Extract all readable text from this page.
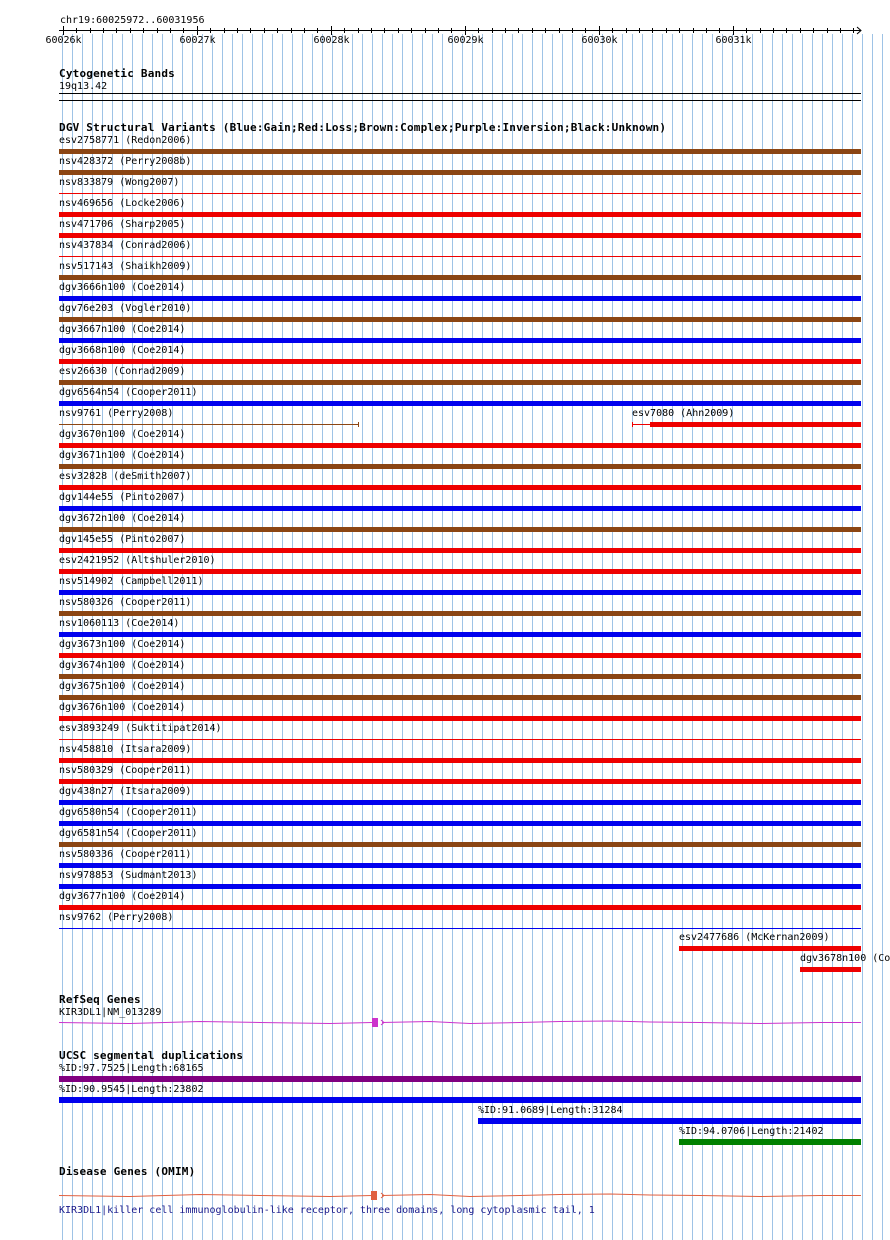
chr19:60025972..60031956
60026k	60027k	60028k	60029k	60030k	60031k
Cytogenetic Bands
19q13.42
DGV Structural Variants (Blue:Gain;Red:Loss;Brown:Complex;Purple:Inversion;Black:Unknown)
esv2758771 (Redon2006)
nsv428372 (Perry2008b)
nsv833879 (Wong2007)
nsv469656 (Locke2006)
nsv471706 (Sharp2005)
nsv437834 (Conrad2006)
nsv517143 (Shaikh2009)
dgv3666n100 (Coe2014)
dgv76e203 (Vogler2010)
dgv3667n100 (Coe2014)
dgv3668n100 (Coe2014)
esv26630 (Conrad2009)
dgv6564n54 (Cooper2011)
nsv9761 (Perry2008)
dgv3670n100 (Coe2014)
dgv3671n100 (Coe2014)
esv32828 (deSmith2007)
dgv144e55 (Pinto2007)
dgv3672n100 (Coe2014)
dgv145e55 (Pinto2007)
esv2421952 (Altshuler2010)
nsv514902 (Campbell2011)
nsv580326 (Cooper2011)
nsv1060113 (Coe2014)
dgv3673n100 (Coe2014)
dgv3674n100 (Coe2014)
dgv3675n100 (Coe2014)
dgv3676n100 (Coe2014)
esv3893249 (Suktitipat2014)
nsv458810 (Itsara2009)
nsv580329 (Cooper2011)
dgv438n27 (Itsara2009)
dgv6580n54 (Cooper2011)
dgv6581n54 (Cooper2011)
nsv580336 (Cooper2011)
nsv978853 (Sudmant2013)
dgv3677n100 (Coe2014)
nsv9762 (Perry2008)
esv2477686 (McKernan2009)
dgv3678n100 (Co
esv7080 (Ahn2009)
RefSeq Genes
KIR3DL1|NM_013289
UCSC segmental duplications
%ID:97.7525|Length:68165
%ID:90.9545|Length:23802
%ID:91.0689|Length:31284
%ID:94.0706|Length:21402
Disease Genes (OMIM)
KIR3DL1|killer cell immunoglobulin-like receptor, three domains, long cytoplasmic tail, 1
